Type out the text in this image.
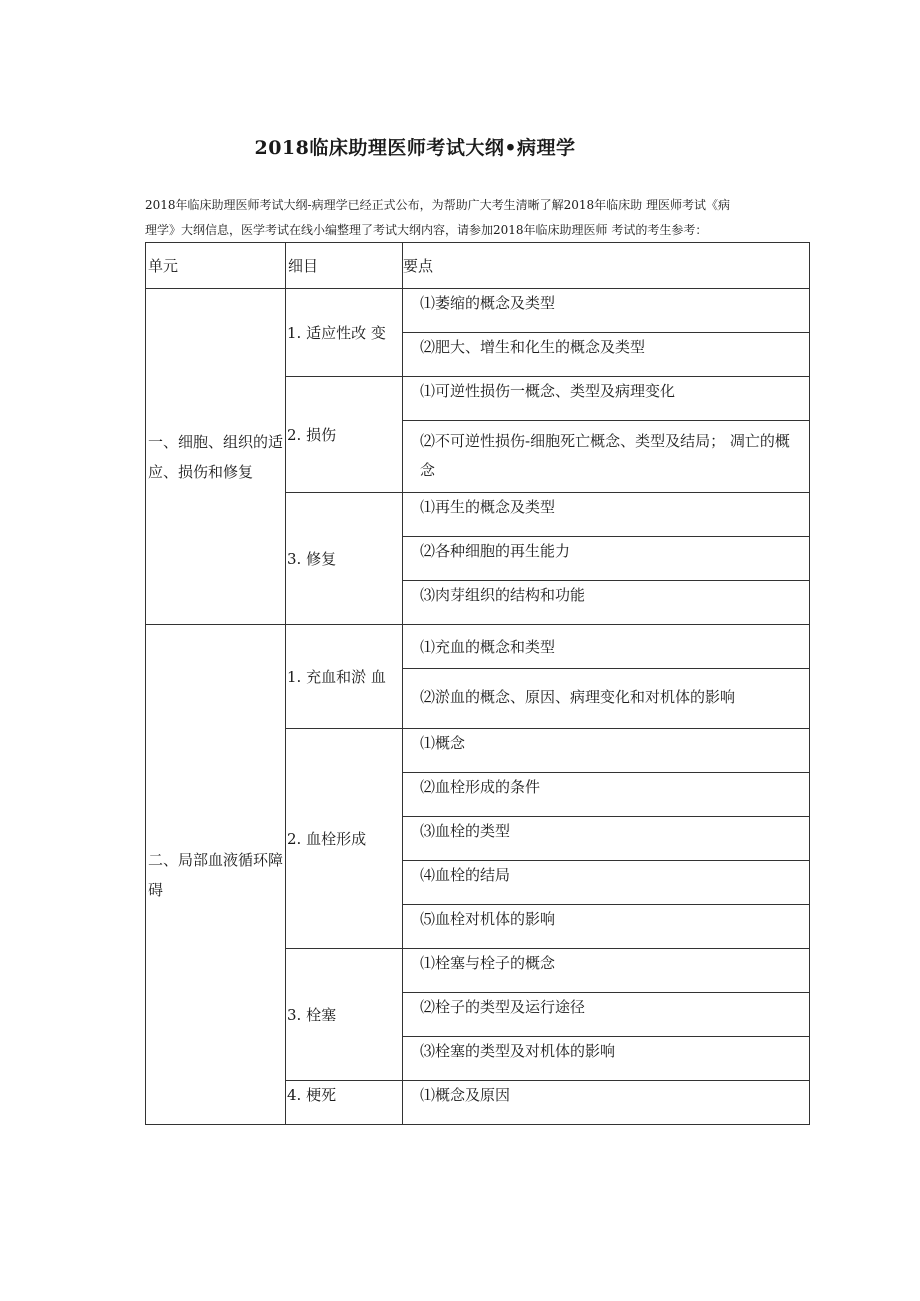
2018临床助理医师考试大纲•病理学
2018年临床助理医师考试大纲-病理学已经正式公布，为帮助广大考生清晰了解2018年临床助 理医师考试《病
理学》大纲信息，医学考试在线小编整理了考试大纲内容，请参加2018年临床助理医师 考试的考生参考：
单元	细目	要点
一、细胞、组织的适应、损伤和修复	1. 适应性改 变	⑴萎缩的概念及类型

		⑵肥大、增生和化生的概念及类型

	2. 损伤	⑴可逆性损伤一概念、类型及病理变化

		⑵不可逆性损伤-细胞死亡概念、类型及结局； 凋亡的概念

	3. 修复	⑴再生的概念及类型

		⑵各种细胞的再生能力

		⑶肉芽组织的结构和功能

二、局部血液循环障碍	1. 充血和淤 血	⑴充血的概念和类型

		⑵淤血的概念、原因、病理变化和对机体的影响

	2. 血栓形成	⑴概念

		⑵血栓形成的条件

		⑶血栓的类型

		⑷血栓的结局

		⑸血栓对机体的影响

	3. 栓塞	⑴栓塞与栓子的概念

		⑵栓子的类型及运行途径

		⑶栓塞的类型及对机体的影响

	4. 梗死	⑴概念及原因
